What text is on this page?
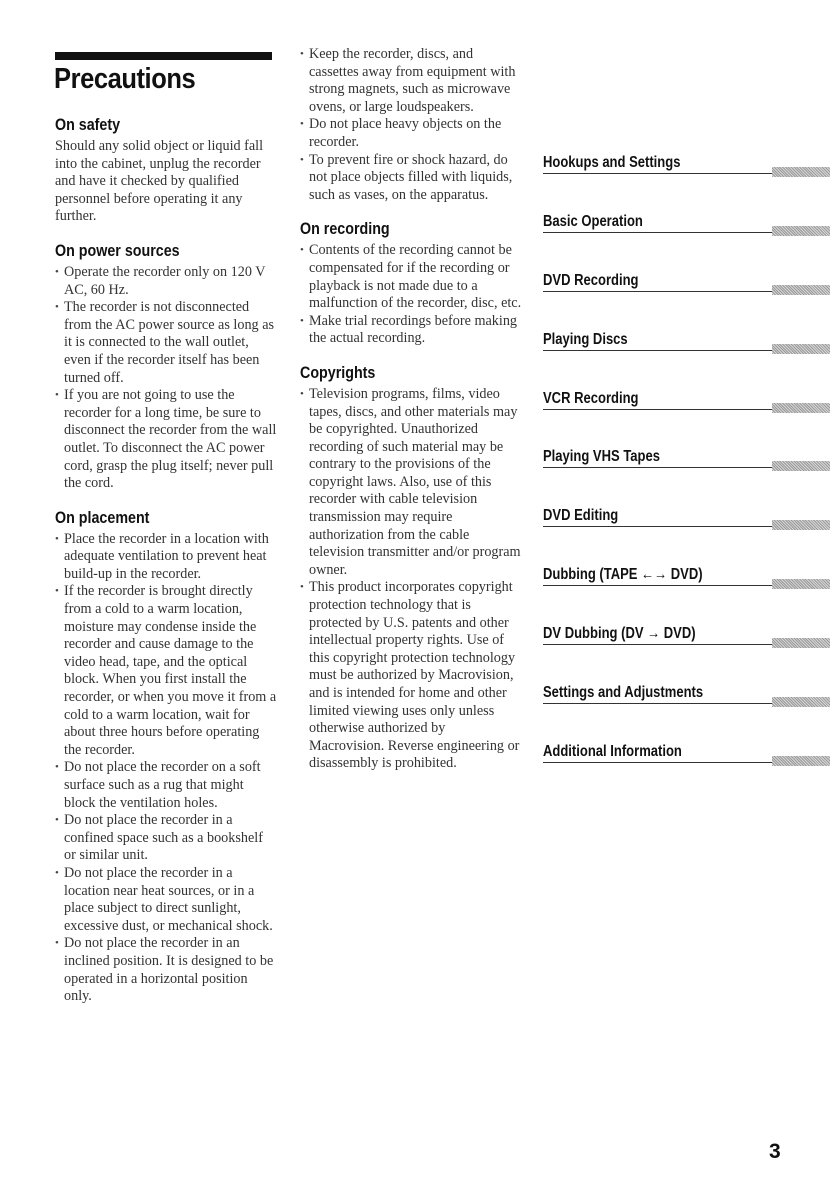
Precautions
On safety

Should any solid object or liquid fall into the cabinet, unplug the recorder and have it checked by qualified personnel before operating it any further.

On power sources
• Operate the recorder only on 120 V AC, 60 Hz.
• The recorder is not disconnected from the AC power source as long as it is connected to the wall outlet, even if the recorder itself has been turned off.
• If you are not going to use the recorder for a long time, be sure to disconnect the recorder from the wall outlet. To disconnect the AC power cord, grasp the plug itself; never pull the cord.
On placement
• Place the recorder in a location with adequate ventilation to prevent heat build-up in the recorder.
• If the recorder is brought directly from a cold to a warm location, moisture may condense inside the recorder and cause damage to the video head, tape, and the optical block. When you first install the recorder, or when you move it from a cold to a warm location, wait for about three hours before operating the recorder.
• Do not place the recorder on a soft surface such as a rug that might block the ventilation holes.
• Do not place the recorder in a confined space such as a bookshelf or similar unit.
• Do not place the recorder in a location near heat sources, or in a place subject to direct sunlight, excessive dust, or mechanical shock.
• Do not place the recorder in an inclined position. It is designed to be operated in a horizontal position only.
• Keep the recorder, discs, and cassettes away from equipment with strong magnets, such as microwave ovens, or large loudspeakers.
• Do not place heavy objects on the recorder.
• To prevent fire or shock hazard, do not place objects filled with liquids, such as vases, on the apparatus.
On recording
• Contents of the recording cannot be compensated for if the recording or playback is not made due to a malfunction of the recorder, disc, etc.
• Make trial recordings before making the actual recording.
Copyrights
• Television programs, films, video tapes, discs, and other materials may be copyrighted. Unauthorized recording of such material may be contrary to the provisions of the copyright laws. Also, use of this recorder with cable television transmission may require authorization from the cable television transmitter and/or program owner.
• This product incorporates copyright protection technology that is protected by U.S. patents and other intellectual property rights. Use of this copyright protection technology must be authorized by Macrovision, and is intended for home and other limited viewing uses only unless otherwise authorized by Macrovision. Reverse engineering or disassembly is prohibited.
Hookups and Settings
Basic Operation
DVD Recording
Playing Discs
VCR Recording
Playing VHS Tapes
DVD Editing
Dubbing (TAPE ←→ DVD)
DV Dubbing (DV → DVD)
Settings and Adjustments
Additional Information
3
